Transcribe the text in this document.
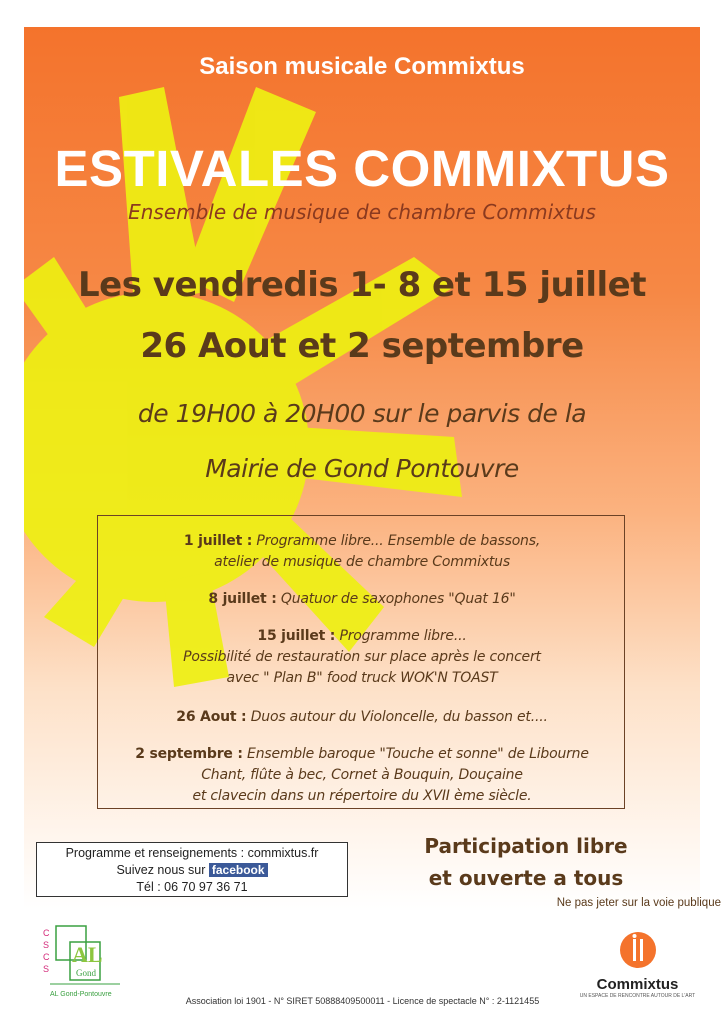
Saison musicale Commixtus
ESTIVALES COMMIXTUS
Ensemble de musique de chambre Commixtus
Les vendredis 1- 8 et 15 juillet
26 Aout et 2 septembre
de 19H00 à 20H00 sur le parvis de la
Mairie de Gond Pontouvre
1 juillet : Programme libre... Ensemble de bassons,
atelier de musique de chambre Commixtus
8 juillet : Quatuor de saxophones "Quat 16"
15 juillet : Programme libre...
Possibilité de restauration sur place après le concert
avec " Plan B" food truck WOK'N TOAST
26 Aout : Duos autour du Violoncelle, du basson et....
2 septembre : Ensemble baroque "Touche et sonne" de Libourne
Chant, flûte à bec, Cornet à Bouquin, Douçaine
et clavecin dans un répertoire du XVII ème siècle.
Programme et renseignements : commixtus.fr
Suivez nous sur facebook
Tél : 06 70 97 36 71
Participation libre
et ouverte a tous
Ne pas jeter sur la voie publique
C
S
C
S
AL
Gond
AL Gond-Pontouvre
Commixtus
UN ESPACE DE RENCONTRE AUTOUR DE L'ART
Association loi 1901 - N° SIRET 50888409500011 - Licence de spectacle N° : 2-1121455
